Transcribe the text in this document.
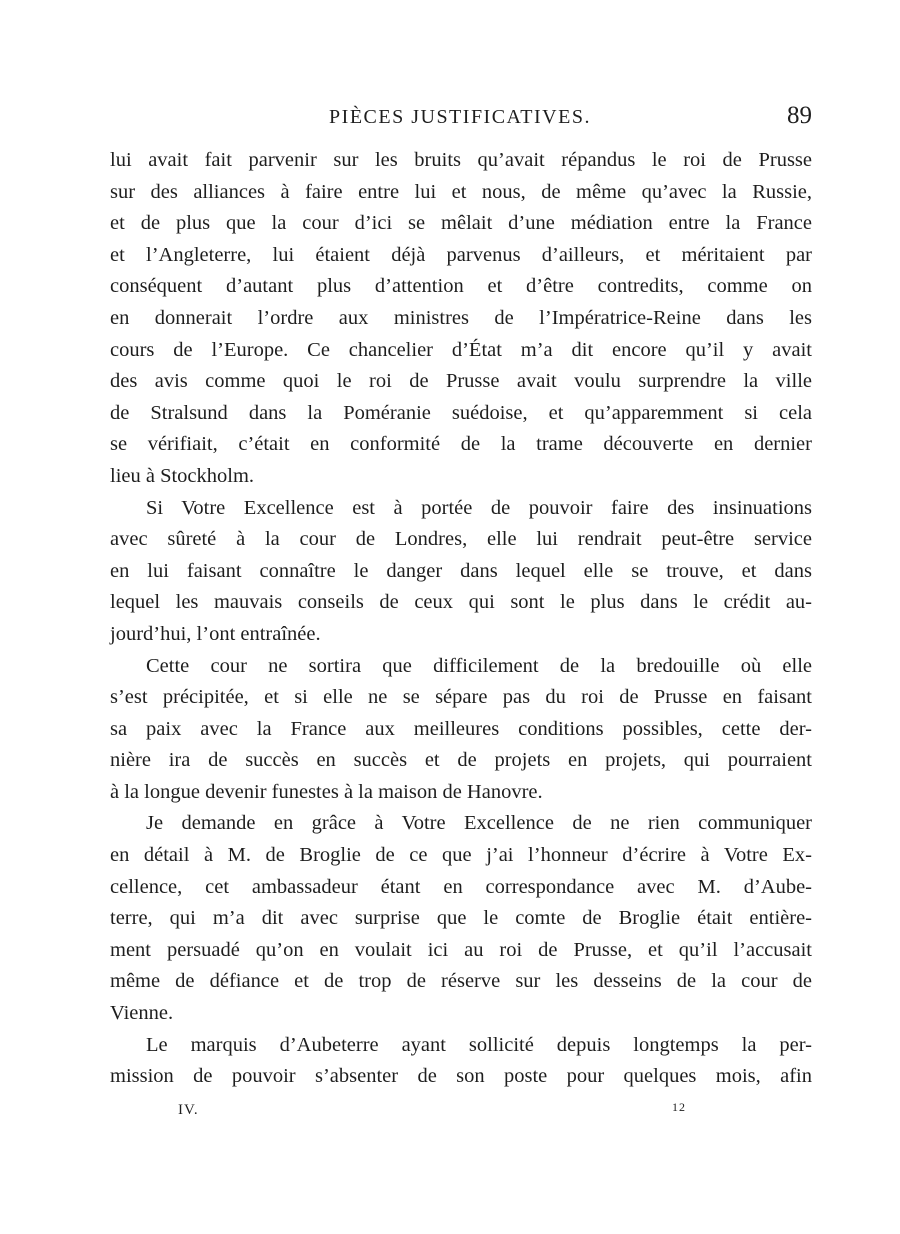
PIÈCES JUSTIFICATIVES.	89
lui avait fait parvenir sur les bruits qu’avait répandus le roi de Prusse
sur des alliances à faire entre lui et nous, de même qu’avec la Russie,
et de plus que la cour d’ici se mêlait d’une médiation entre la France
et l’Angleterre, lui étaient déjà parvenus d’ailleurs, et méritaient par
conséquent d’autant plus d’attention et d’être contredits, comme on
en donnerait l’ordre aux ministres de l’Impératrice-Reine dans les
cours de l’Europe. Ce chancelier d’État m’a dit encore qu’il y avait
des avis comme quoi le roi de Prusse avait voulu surprendre la ville
de Stralsund dans la Poméranie suédoise, et qu’apparemment si cela
se vérifiait, c’était en conformité de la trame découverte en dernier
lieu à Stockholm.
Si Votre Excellence est à portée de pouvoir faire des insinuations
avec sûreté à la cour de Londres, elle lui rendrait peut-être service
en lui faisant connaître le danger dans lequel elle se trouve, et dans
lequel les mauvais conseils de ceux qui sont le plus dans le crédit au-
jourd’hui, l’ont entraînée.
Cette cour ne sortira que difficilement de la bredouille où elle
s’est précipitée, et si elle ne se sépare pas du roi de Prusse en faisant
sa paix avec la France aux meilleures conditions possibles, cette der-
nière ira de succès en succès et de projets en projets, qui pourraient
à la longue devenir funestes à la maison de Hanovre.
Je demande en grâce à Votre Excellence de ne rien communiquer
en détail à M. de Broglie de ce que j’ai l’honneur d’écrire à Votre Ex-
cellence, cet ambassadeur étant en correspondance avec M. d’Aube-
terre, qui m’a dit avec surprise que le comte de Broglie était entière-
ment persuadé qu’on en voulait ici au roi de Prusse, et qu’il l’accusait
même de défiance et de trop de réserve sur les desseins de la cour de
Vienne.
Le marquis d’Aubeterre ayant sollicité depuis longtemps la per-
mission de pouvoir s’absenter de son poste pour quelques mois, afin
IV.	12
